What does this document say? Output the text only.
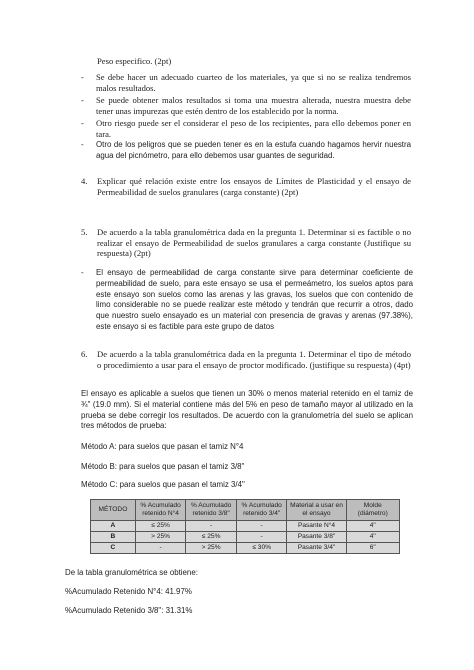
Peso especifico. (2pt)
-	Se debe hacer un adecuado cuarteo de los materiales, ya que si no se realiza tendremos malos resultados.
-	Se puede obtener malos resultados si toma una muestra alterada, nuestra muestra debe tener unas impurezas que estén dentro de los establecido por la norma.
-	Otro riesgo puede ser el considerar el peso de los recipientes, para ello debemos poner en tara.
-	Otro de los peligros que se pueden tener es en la estufa cuando hagamos hervir nuestra agua del picnómetro, para ello debemos usar guantes de seguridad.
4.	Explicar qué relación existe entre los ensayos de Límites de Plasticidad y el ensayo de Permeabilidad de suelos granulares (carga constante) (2pt)
5.	De acuerdo a la tabla granulométrica dada en la pregunta 1. Determinar si es factible o no realizar el ensayo de Permeabilidad de suelos granulares a carga constante (Justifique su respuesta) (2pt)
-	El ensayo de permeabilidad de carga constante sirve para determinar coeficiente de permeabilidad de suelo, para este ensayo se usa el permeámetro, los suelos aptos para este ensayo son suelos como las arenas y las gravas, los suelos que con contenido de limo considerable no se puede realizar este método y tendrán que recurrir a otros, dado que nuestro suelo ensayado es un material con presencia de gravas y arenas (97.38%), este ensayo si es factible para este grupo de datos
6.	De acuerdo a la tabla granulométrica dada en la pregunta 1. Determinar el tipo de método o procedimiento a usar para el ensayo de proctor modificado. (justifique su respuesta) (4pt)
El ensayo es aplicable a suelos que tienen un 30% o menos material retenido en el tamiz de ¾" (19.0 mm). Si el material contiene más del 5% en peso de tamaño mayor al utilizado en la prueba se debe corregir los resultados. De acuerdo con la granulometría del suelo se aplican tres métodos de prueba:
Método A: para suelos que pasan el tamiz N°4
Método B: para suelos que pasan el tamiz 3/8"
Método C: para suelos que pasan el tamiz 3/4"
MÉTODO	% Acumulado retenido N°4	% Acumulado retenido 3/8"	% Acumulado retenido 3/4"	Material a usar en el ensayo	Molde (diámetro)
A	≤ 25%	-	-	Pasante N°4	4"
B	> 25%	≤ 25%	-	Pasante 3/8"	4"
C	-	> 25%	≤ 30%	Pasante 3/4"	6"
De la tabla granulométrica se obtiene:
%Acumulado Retenido N°4: 41.97%
%Acumulado Retenido 3/8": 31.31%
